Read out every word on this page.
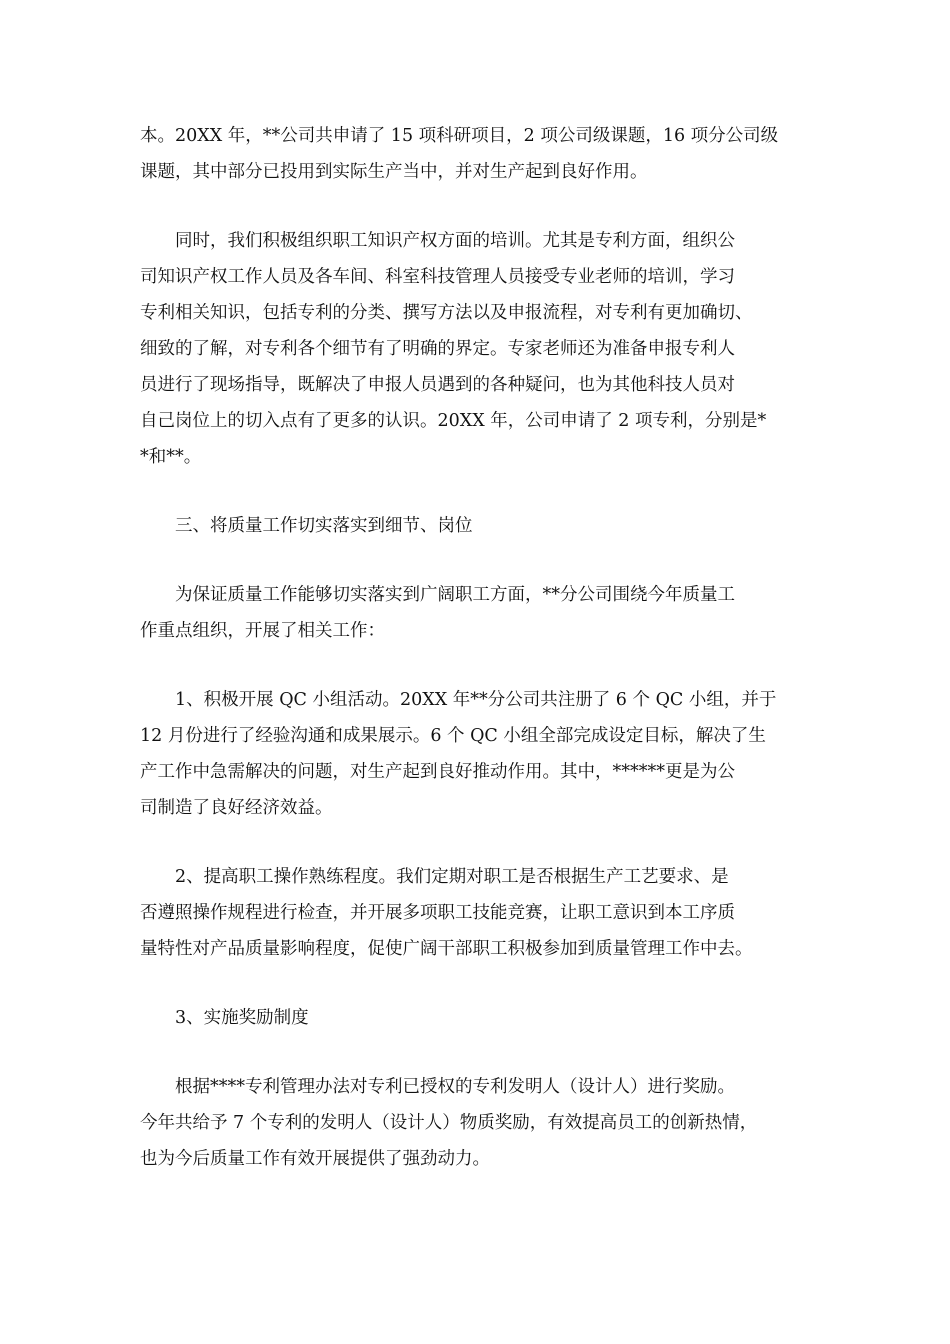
本。20XX 年，**公司共申请了 15 项科研项目，2 项公司级课题，16 项分公司级
课题，其中部分已投用到实际生产当中，并对生产起到良好作用。

同时，我们积极组织职工知识产权方面的培训。尤其是专利方面，组织公
司知识产权工作人员及各车间、科室科技管理人员接受专业老师的培训，学习
专利相关知识，包括专利的分类、撰写方法以及申报流程，对专利有更加确切、
细致的了解，对专利各个细节有了明确的界定。专家老师还为准备申报专利人
员进行了现场指导，既解决了申报人员遇到的各种疑问，也为其他科技人员对
自己岗位上的切入点有了更多的认识。20XX 年，公司申请了 2 项专利，分别是*
*和**。

三、将质量工作切实落实到细节、岗位

为保证质量工作能够切实落实到广阔职工方面，**分公司围绕今年质量工
作重点组织，开展了相关工作：

1、积极开展 QC 小组活动。20XX 年**分公司共注册了 6 个 QC 小组，并于
12 月份进行了经验沟通和成果展示。6 个 QC 小组全部完成设定目标，解决了生
产工作中急需解决的问题，对生产起到良好推动作用。其中，******更是为公
司制造了良好经济效益。

2、提高职工操作熟练程度。我们定期对职工是否根据生产工艺要求、是
否遵照操作规程进行检查，并开展多项职工技能竞赛，让职工意识到本工序质
量特性对产品质量影响程度，促使广阔干部职工积极参加到质量管理工作中去。

3、实施奖励制度

根据****专利管理办法对专利已授权的专利发明人（设计人）进行奖励。
今年共给予 7 个专利的发明人（设计人）物质奖励，有效提高员工的创新热情，
也为今后质量工作有效开展提供了强劲动力。
